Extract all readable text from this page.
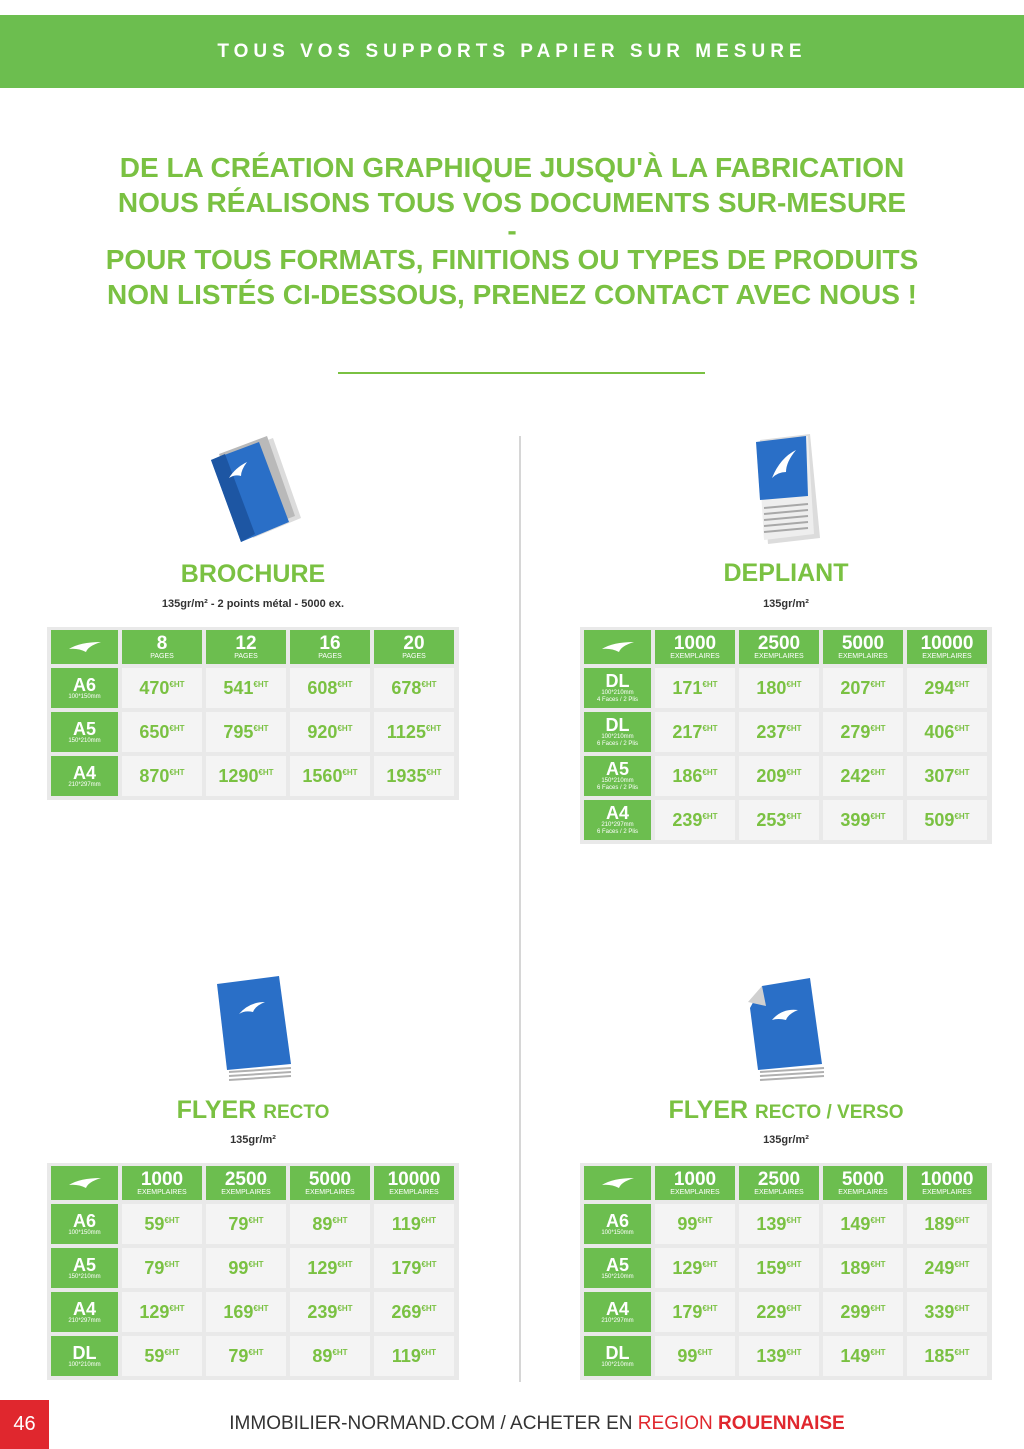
TOUS VOS SUPPORTS PAPIER SUR MESURE
DE LA CRÉATION GRAPHIQUE JUSQU'À LA FABRICATION
NOUS RÉALISONS TOUS VOS DOCUMENTS SUR-MESURE
-
POUR TOUS FORMATS, FINITIONS OU TYPES DE PRODUITS
NON LISTÉS CI-DESSOUS, PRENEZ CONTACT AVEC NOUS !
BROCHURE
135gr/m² - 2 points métal - 5000 ex.
8
PAGES
12
PAGES
16
PAGES
20
PAGES
A6
100*150mm $470^{€HT}$ $541^{€HT}$ $608^{€HT}$ $678^{€HT}$
A5
150*210mm $650^{€HT}$ $795^{€HT}$ $920^{€HT}$ $1125^{€HT}$
A4
210*297mm $870^{€HT}$ $1290^{€HT}$ $1560^{€HT}$ $1935^{€HT}$
DEPLIANT
135gr/m²
1000
EXEMPLAIRES
2500
EXEMPLAIRES
5000
EXEMPLAIRES
10000
EXEMPLAIRES
DL
100*210mm
4 Faces / 2 Plis
$171^{€HT}$ $180^{€HT}$ $207^{€HT}$ $294^{€HT}$
DL
100*210mm
6 Faces / 2 Plis
$217^{€HT}$ $237^{€HT}$ $279^{€HT}$ $406^{€HT}$
A5
150*210mm
6 Faces / 2 Plis
$186^{€HT}$ $209^{€HT}$ $242^{€HT}$ $307^{€HT}$
A4
210*297mm
6 Faces / 2 Plis
$239^{€HT}$ $253^{€HT}$ $399^{€HT}$ $509^{€HT}$
FLYER RECTO
135gr/m²
1000
EXEMPLAIRES
2500
EXEMPLAIRES
5000
EXEMPLAIRES
10000
EXEMPLAIRES
A6
100*150mm $59^{€HT}$	$79^{€HT}$	$89^{€HT}$ $119^{€HT}$
A5
150*210mm $79^{€HT}$	$99^{€HT}$ $129^{€HT}$ $179^{€HT}$
A4
210*297mm $129^{€HT}$ $169^{€HT}$ $239^{€HT}$ $269^{€HT}$
DL
100*210mm $59^{€HT}$	$79^{€HT}$	$89^{€HT}$ $119^{€HT}$
FLYER RECTO / VERSO
135gr/m²
1000
EXEMPLAIRES
2500
EXEMPLAIRES
5000
EXEMPLAIRES
10000
EXEMPLAIRES
A6
100*150mm $99^{€HT}$ $139^{€HT}$ $149^{€HT}$ $189^{€HT}$
A5
150*210mm $129^{€HT}$ $159^{€HT}$ $189^{€HT}$ $249^{€HT}$
A4
210*297mm $179^{€HT}$ $229^{€HT}$ $299^{€HT}$ $339^{€HT}$
DL
100*210mm $99^{€HT}$ $139^{€HT}$ $149^{€HT}$ $185^{€HT}$
46	IMMOBILIER-NORMAND.COM / ACHETER EN REGION ROUENNAISE
